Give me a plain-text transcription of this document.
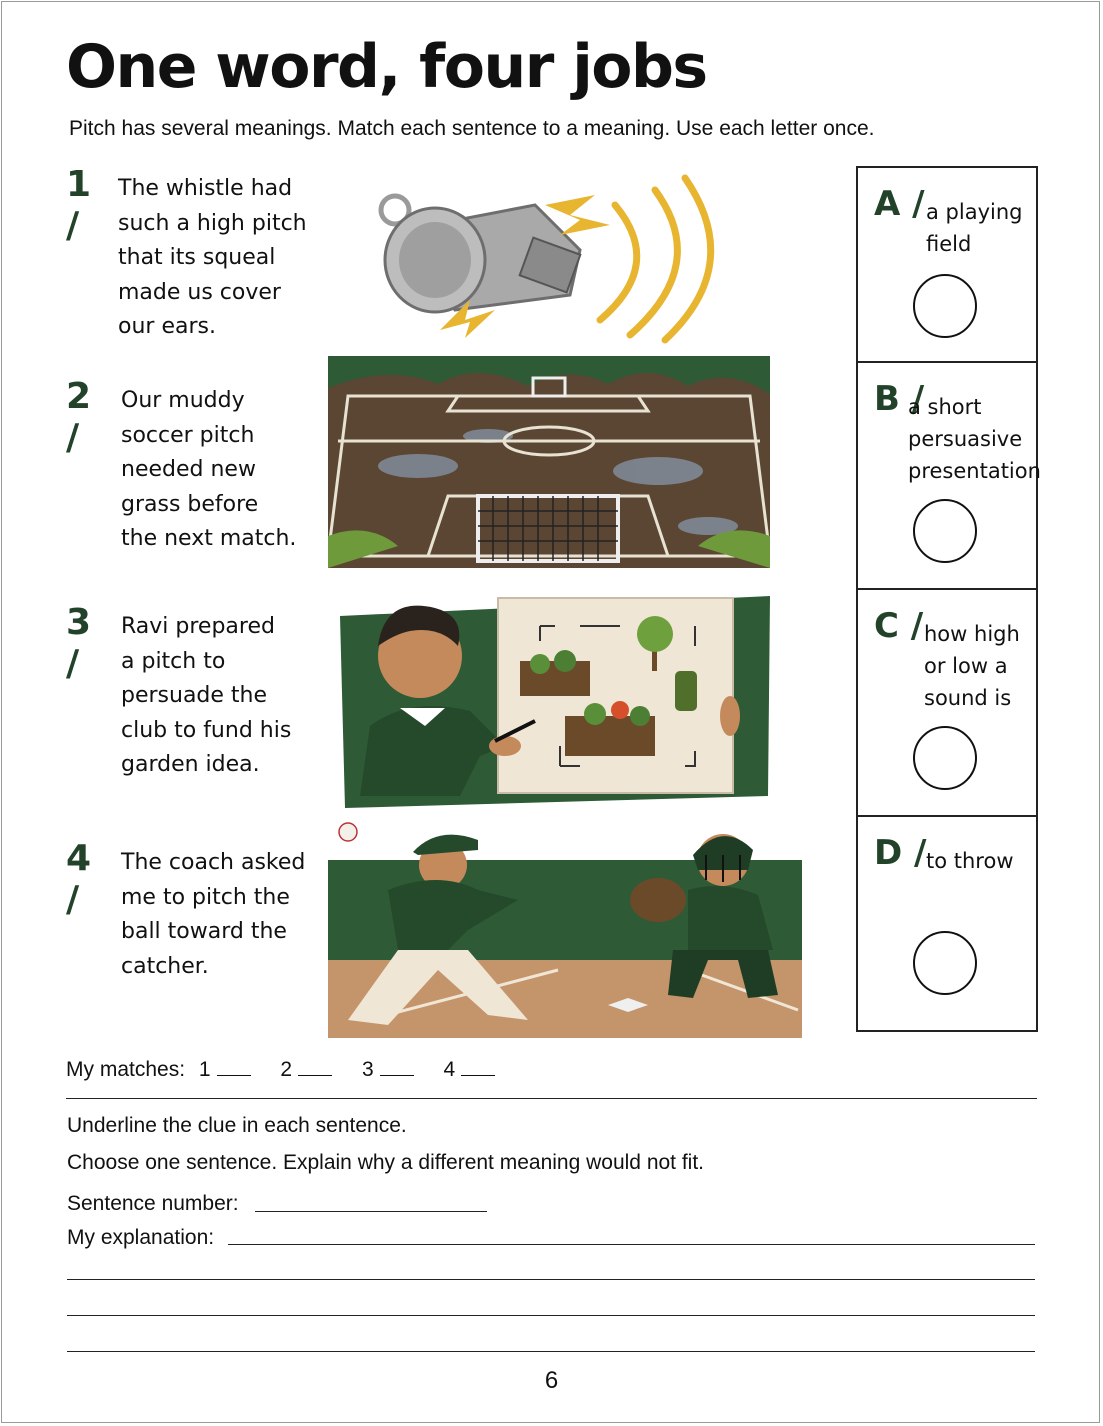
One word, four jobs
Pitch has several meanings. Match each sentence to a meaning. Use each letter once.
1 /
The whistle had
such a high pitch
that its squeal
made us cover
our ears.
2 /
Our muddy
soccer pitch
needed new
grass before
the next match.
3 /
Ravi prepared
a pitch to
persuade the
club to fund his
garden idea.
4 /
The coach asked
me to pitch the
ball toward the
catcher.
A / a playing
field
B /
a short
persuasive
presentation
C / how high
or low a
sound is
D / to throw
My matches: 1	2	3	4
Underline the clue in each sentence.
Choose one sentence. Explain why a different meaning would not fit.
Sentence number:
My explanation:
6
